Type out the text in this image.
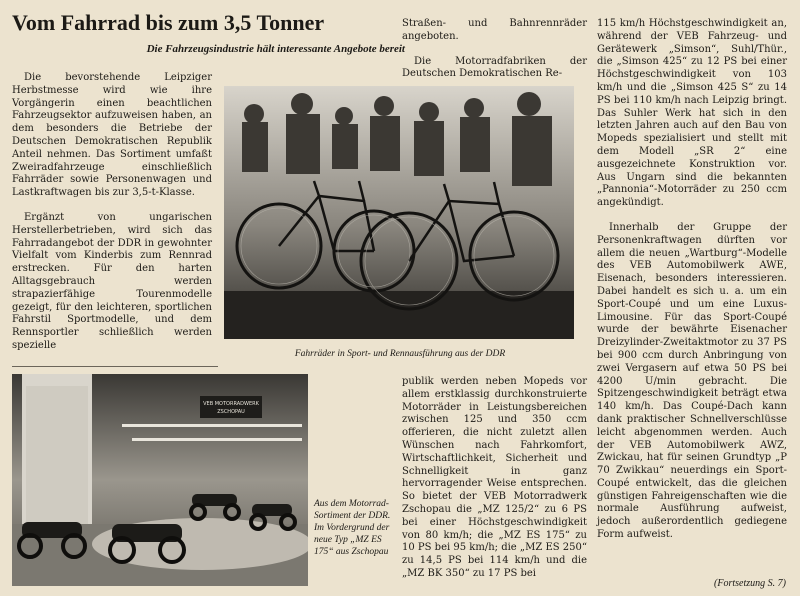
Vom Fahrrad bis zum 3,5 Tonner
Die Fahrzeugsindustrie hält interessante Angebote bereit

Die bevorstehende Leipziger Herbstmesse wird wie ihre Vorgängerin einen beachtlichen Fahrzeugsektor aufzuweisen haben, an dem besonders die Betriebe der Deutschen Demokratischen Republik Anteil nehmen. Das Sortiment umfaßt Zweiradfahrzeuge einschließlich Fahrräder sowie Personenwagen und Lastkraftwagen bis zur 3,5-t-Klasse.

Ergänzt von ungarischen Herstellerbetrieben, wird sich das Fahrradangebot der DDR in gewohnter Vielfalt vom Kinderbis zum Rennrad erstrecken. Für den harten Alltagsgebrauch werden strapazierfähige Tourenmodelle gezeigt, für den leichteren, sportlichen Fahrstil Sportmodelle, und dem Rennsportler schließlich werden spezielle

Straßen- und Bahnrennräder angeboten.

Die Motorradfabriken der Deutschen Demokratischen Re-

Fahrräder in Sport- und Rennausführung aus der DDR
VEB MOTORRADWERK
ZSCHOPAU
Aus dem Motorrad-Sortiment der DDR. Im Vordergrund der neue Typ „MZ ES 175“ aus Zschopau

publik werden neben Mopeds vor allem erstklassig durchkonstruierte Motorräder in Leistungsbereichen zwischen 125 und 350 ccm offerieren, die nicht zuletzt allen Wünschen nach Fahrkomfort, Wirtschaftlichkeit, Sicherheit und Schnelligkeit in ganz hervorragender Weise entsprechen. So bietet der VEB Motorradwerk Zschopau die „MZ 125/2“ zu 6 PS bei einer Höchstgeschwindigkeit von 80 km/h; die „MZ ES 175“ zu 10 PS bei 95 km/h; die „MZ ES 250“ zu 14,5 PS bei 114 km/h und die „MZ BK 350“ zu 17 PS bei

115 km/h Höchstgeschwindigkeit an, während der VEB Fahrzeug- und Gerätewerk „Simson“, Suhl/Thür., die „Simson 425“ zu 12 PS bei einer Höchstgeschwindigkeit von 103 km/h und die „Simson 425 S“ zu 14 PS bei 110 km/h nach Leipzig bringt. Das Suhler Werk hat sich in den letzten Jahren auch auf den Bau von Mopeds spezialisiert und stellt mit dem Modell „SR 2“ eine ausgezeichnete Konstruktion vor. Aus Ungarn sind die bekannten „Pannonia“-Motorräder zu 250 ccm angekündigt.

Innerhalb der Gruppe der Personenkraftwagen dürften vor allem die neuen „Wartburg“-Modelle des VEB Automobilwerk AWE, Eisenach, besonders interessieren. Dabei handelt es sich u. a. um ein Sport-Coupé und um eine Luxus-Limousine. Für das Sport-Coupé wurde der bewährte Eisenacher Dreizylinder-Zweitaktmotor zu 37 PS bei 900 ccm durch Anbringung von zwei Vergasern auf etwa 50 PS bei 4200 U/min gebracht. Die Spitzengeschwindigkeit beträgt etwa 140 km/h. Das Coupé-Dach kann dank praktischer Schnellverschlüsse leicht abgenommen werden. Auch der VEB Automobilwerk AWZ, Zwickau, hat für seinen Grundtyp „P 70 Zwikkau“ neuerdings ein Sport-Coupé entwickelt, das die gleichen günstigen Fahreigenschaften wie die normale Ausführung aufweist, jedoch außerordentlich gediegene Form aufweist.

(Fortsetzung S. 7)
